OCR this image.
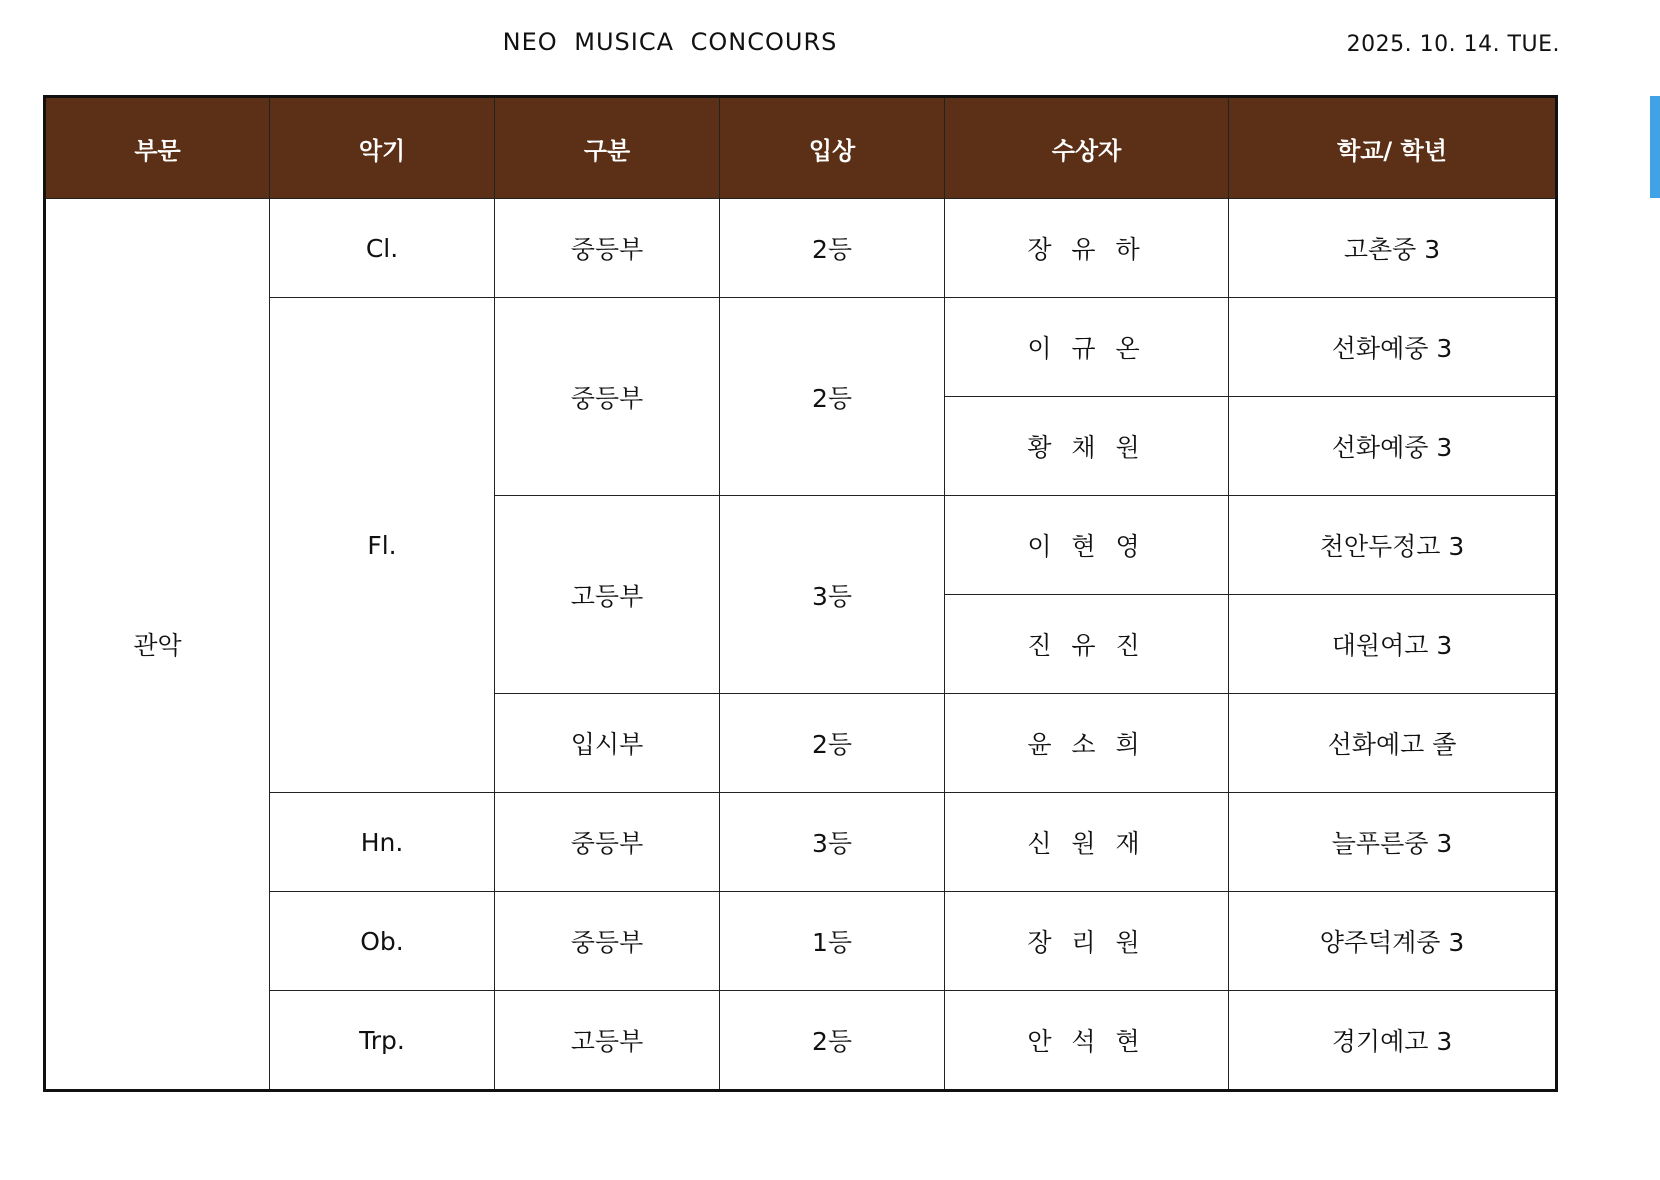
NEO MUSICA CONCOURS	2025. 10. 14. TUE.
부문	악기	구분	입상	수상자	학교/ 학년
관악	Cl.	중등부	2등	장 유 하	고촌중 3
	Fl.	중등부	2등	이 규 온	선화예중 3
				황 채 원	선화예중 3
		고등부	3등	이 현 영	천안두정고 3
				진 유 진	대원여고 3
		입시부	2등	윤 소 희	선화예고 졸
	Hn.	중등부	3등	신 원 재	늘푸른중 3
	Ob.	중등부	1등	장 리 원	양주덕계중 3
	Trp.	고등부	2등	안 석 현	경기예고 3
